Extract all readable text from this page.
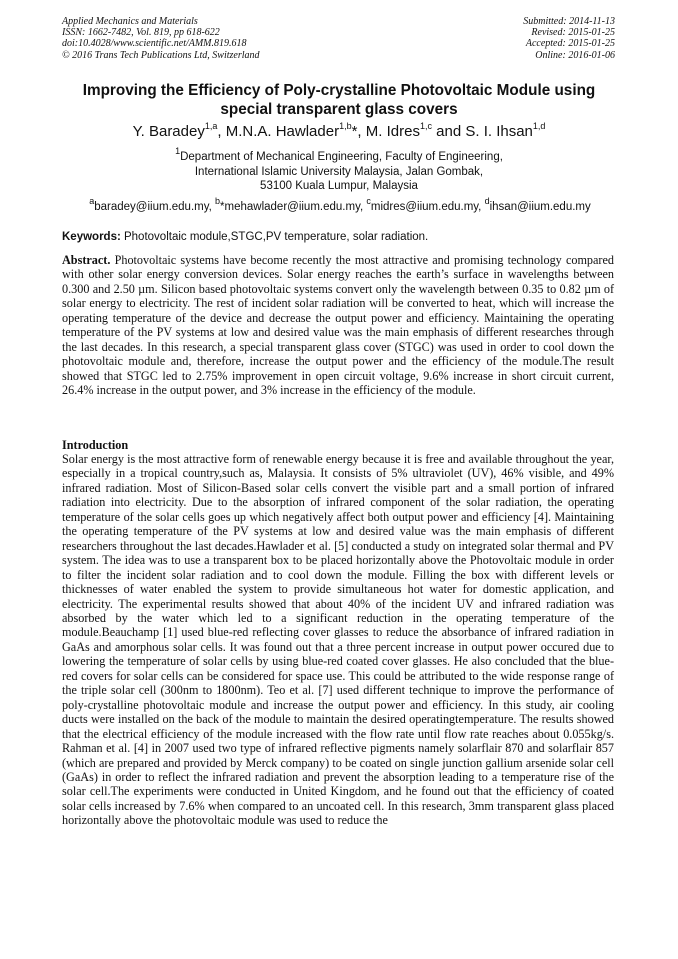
Applied Mechanics and Materials
ISSN: 1662-7482, Vol. 819, pp 618-622
doi:10.4028/www.scientific.net/AMM.819.618
© 2016 Trans Tech Publications Ltd, Switzerland
Submitted: 2014-11-13
Revised: 2015-01-25
Accepted: 2015-01-25
Online: 2016-01-06
Improving the Efficiency of Poly-crystalline Photovoltaic Module using special transparent glass covers
Y. Baradey$^{1,a}$, M.N.A. Hawlader$^{1,b}$*, M. Idres$^{1,c}$ and S. I. Ihsan$^{1,d}$
$^1$Department of Mechanical Engineering, Faculty of Engineering,
International Islamic University Malaysia, Jalan Gombak,
53100 Kuala Lumpur, Malaysia
$^a$baradey@iium.edu.my, $^b$*mehawlader@iium.edu.my, $^c$midres@iium.edu.my, $^d$ihsan@iium.edu.my
Keywords: Photovoltaic module,STGC,PV temperature, solar radiation.
Abstract. Photovoltaic systems have become recently the most attractive and promising technology compared with other solar energy conversion devices. Solar energy reaches the earth’s surface in wavelengths between 0.300 and 2.50 µm. Silicon based photovoltaic systems convert only the wavelength between 0.35 to 0.82 µm of solar energy to electricity. The rest of incident solar radiation will be converted to heat, which will increase the operating temperature of the device and decrease the output power and efficiency. Maintaining the operating temperature of the PV systems at low and desired value was the main emphasis of different researches through the last decades. In this research, a special transparent glass cover (STGC) was used in order to cool down the photovoltaic module and, therefore, increase the output power and the efficiency of the module.The result showed that STGC led to 2.75% improvement in open circuit voltage, 9.6% increase in short circuit current, 26.4% increase in the output power, and 3% increase in the efficiency of the module.
Introduction
Solar energy is the most attractive form of renewable energy because it is free and available throughout the year, especially in a tropical country,such as, Malaysia. It consists of 5% ultraviolet (UV), 46% visible, and 49% infrared radiation. Most of Silicon-Based solar cells convert the visible part and a small portion of infrared radiation into electricity. Due to the absorption of infrared component of the solar radiation, the operating temperature of the solar cells goes up which negatively affect both output power and efficiency [4]. Maintaining the operating temperature of the PV systems at low and desired value was the main emphasis of different researchers throughout the last decades.Hawlader et al. [5] conducted a study on integrated solar thermal and PV system. The idea was to use a transparent box to be placed horizontally above the Photovoltaic module in order to filter the incident solar radiation and to cool down the module. Filling the box with different levels or thicknesses of water enabled the system to provide simultaneous hot water for domestic application, and electricity. The experimental results showed that about 40% of the incident UV and infrared radiation was absorbed by the water which led to a significant reduction in the operating temperature of the module.Beauchamp [1] used blue-red reflecting cover glasses to reduce the absorbance of infrared radiation in GaAs and amorphous solar cells. It was found out that a three percent increase in output power occured due to lowering the temperature of solar cells by using blue-red coated cover glasses. He also concluded that the blue-red covers for solar cells can be considered for space use. This could be attributed to the wide response range of the triple solar cell (300nm to 1800nm). Teo et al. [7] used different technique to improve the performance of poly-crystalline photovoltaic module and increase the output power and efficiency. In this study, air cooling ducts were installed on the back of the module to maintain the desired operatingtemperature. The results showed that the electrical efficiency of the module increased with the flow rate until flow rate reaches about 0.055kg/s. Rahman et al. [4] in 2007 used two type of infrared reflective pigments namely solarflair 870 and solarflair 857 (which are prepared and provided by Merck company) to be coated on single junction gallium arsenide solar cell (GaAs) in order to reflect the infrared radiation and prevent the absorption leading to a temperature rise of the solar cell.The experiments were conducted in United Kingdom, and he found out that the efficiency of coated solar cells increased by 7.6% when compared to an uncoated cell. In this research, 3mm transparent glass placed horizontally above the photovoltaic module was used to reduce the
